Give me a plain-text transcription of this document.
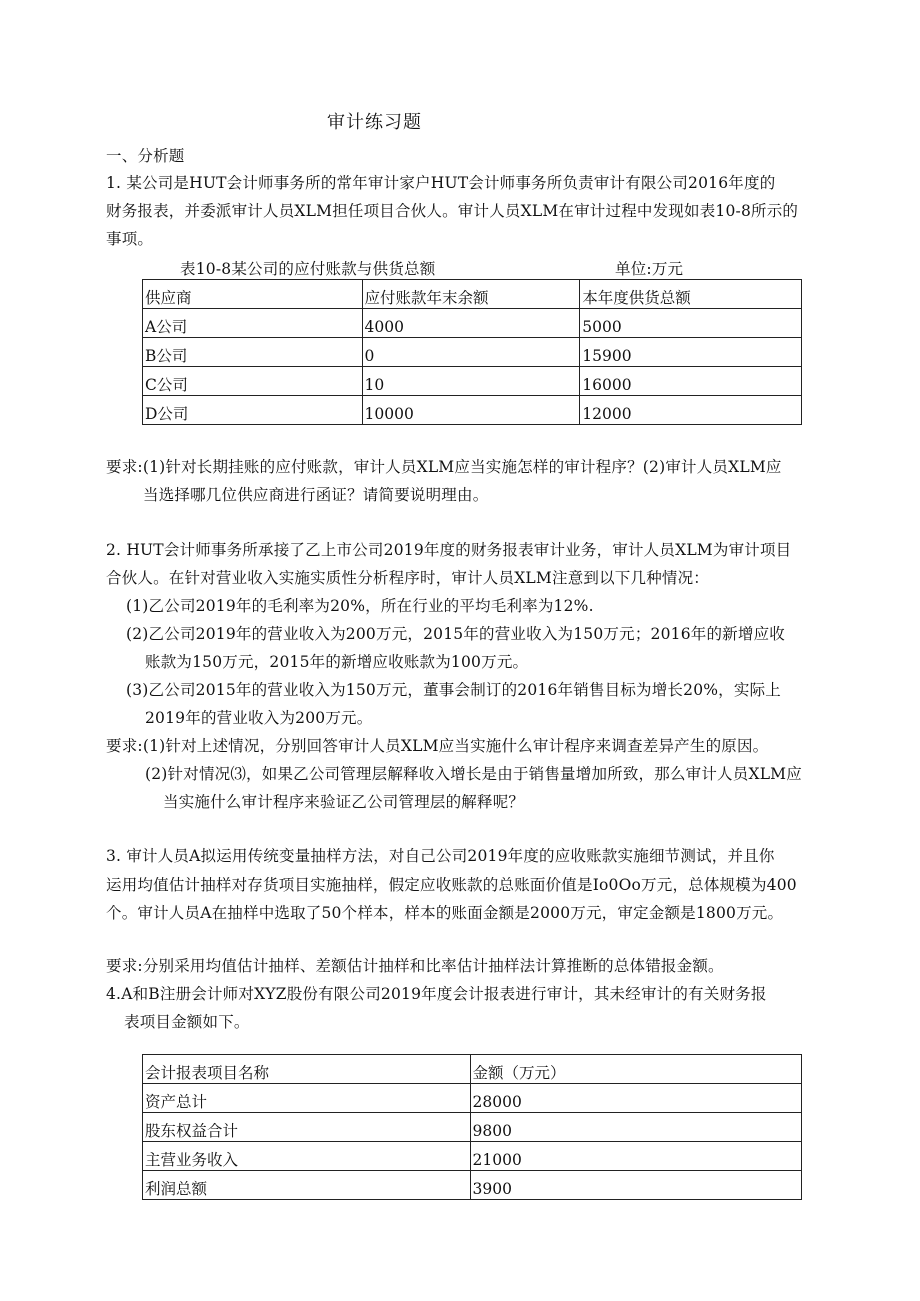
审计练习题
一、分析题
1. 某公司是HUT会计师事务所的常年审计家户HUT会计师事务所负责审计有限公司2016年度的
财务报表，并委派审计人员XLM担任项目合伙人。审计人员XLM在审计过程中发现如表10-8所示的
事项。
表10-8某公司的应付账款与供货总额	单位:万元
供应商	应付账款年末余额	本年度供货总额
A公司	4000	5000
B公司	0	15900
C公司	10	16000
D公司	10000	12000
要求:(1)针对长期挂账的应付账款，审计人员XLM应当实施怎样的审计程序？(2)审计人员XLM应
当选择哪几位供应商进行函证？请简要说明理由。
2. HUT会计师事务所承接了乙上市公司2019年度的财务报表审计业务，审计人员XLM为审计项目
合伙人。在针对营业收入实施实质性分析程序时，审计人员XLM注意到以下几种情况：
(1)乙公司2019年的毛利率为20%，所在行业的平均毛利率为12%.
(2)乙公司2019年的营业收入为200万元，2015年的营业收入为150万元；2016年的新增应收
账款为150万元，2015年的新增应收账款为100万元。
(3)乙公司2015年的营业收入为150万元，董事会制订的2016年销售目标为增长20%，实际上
2019年的营业收入为200万元。
要求:(1)针对上述情况，分别回答审计人员XLM应当实施什么审计程序来调查差异产生的原因。
(2)针对情况⑶，如果乙公司管理层解释收入增长是由于销售量增加所致，那么审计人员XLM应
当实施什么审计程序来验证乙公司管理层的解释呢？
3. 审计人员A拟运用传统变量抽样方法，对自己公司2019年度的应收账款实施细节测试，并且你
运用均值估计抽样对存货项目实施抽样，假定应收账款的总账面价值是Io0Oo万元，总体规模为400
个。审计人员A在抽样中选取了50个样本，样本的账面金额是2000万元，审定金额是1800万元。
要求:分别采用均值估计抽样、差额估计抽样和比率估计抽样法计算推断的总体错报金额。
4.A和B注册会计师对XYZ股份有限公司2019年度会计报表进行审计，其未经审计的有关财务报
表项目金额如下。
会计报表项目名称	金额（万元）
资产总计	28000
股东权益合计	9800
主营业务收入	21000
利润总额	3900
